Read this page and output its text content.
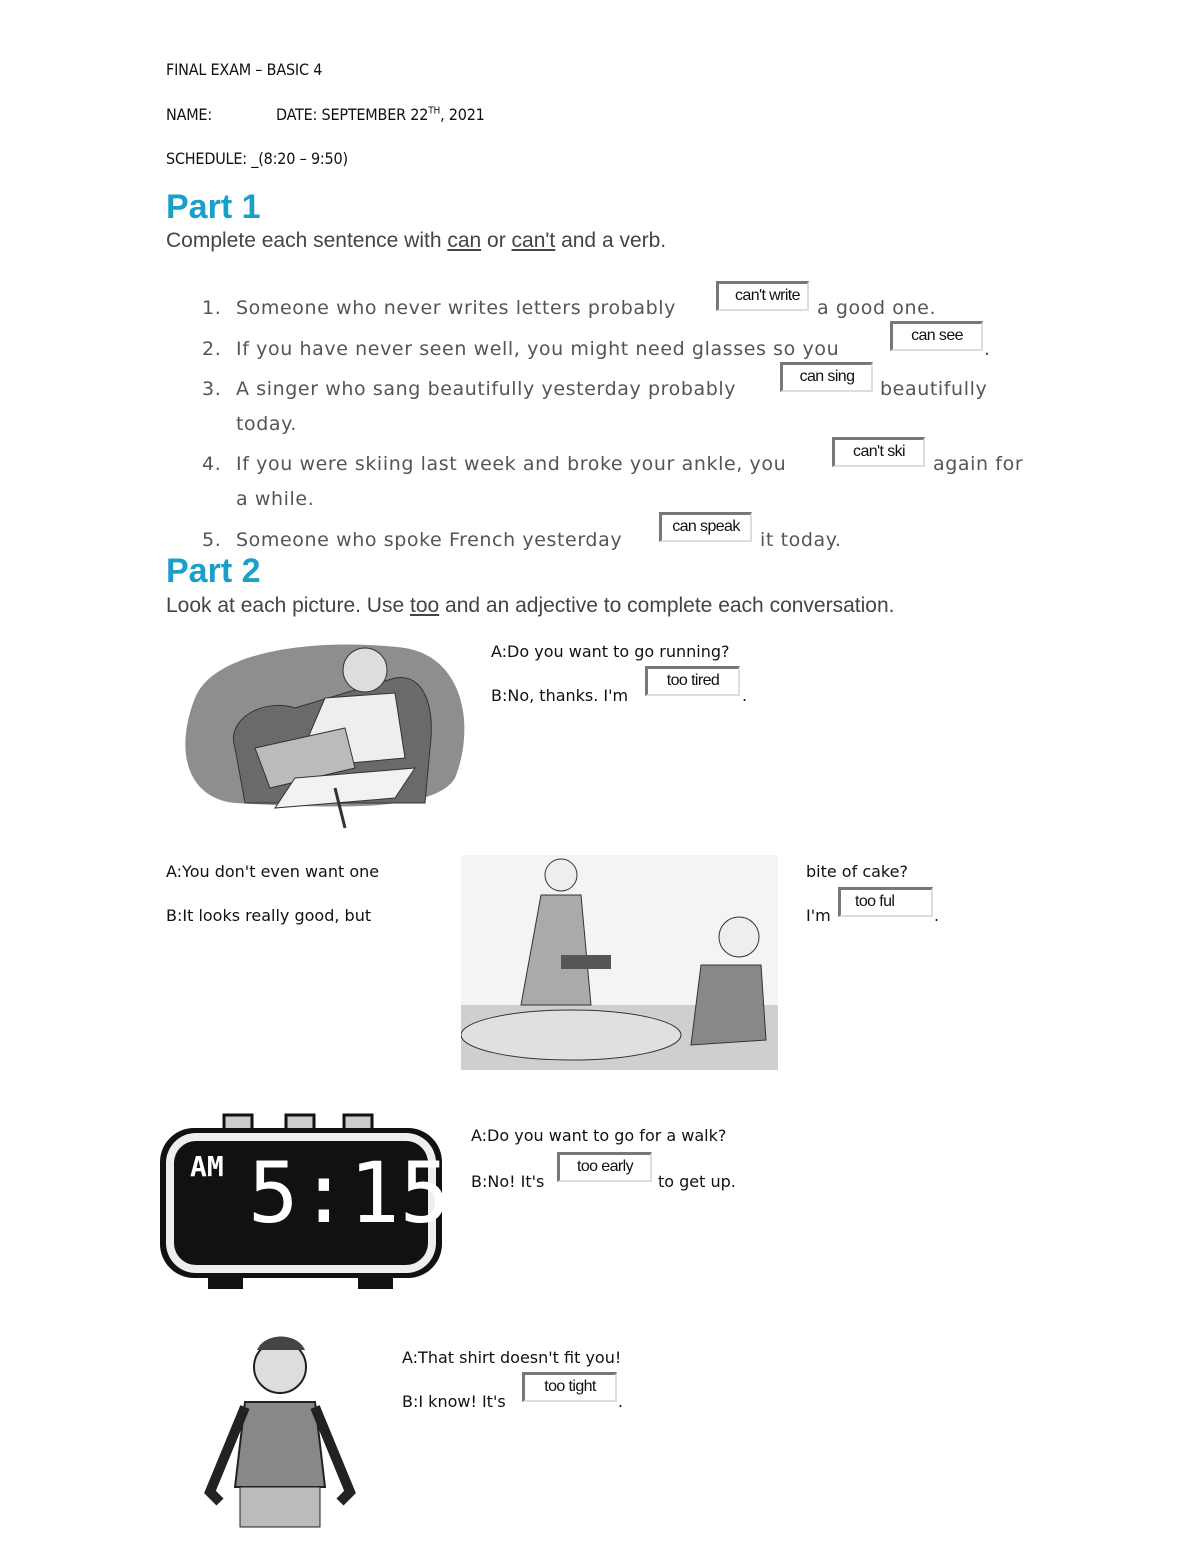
FINAL EXAM – BASIC 4
NAME:	DATE: SEPTEMBER 22TH, 2021
SCHEDULE: _(8:20 – 9:50)
Part 1
Complete each sentence with can or can't and a verb.
1. Someone who never writes letters probably
can't write
a good one.
2. If you have never seen well, you might need glasses so you
can see
.
3. A singer who sang beautifully yesterday probably
can sing
beautifully
today.
4. If you were skiing last week and broke your ankle, you
can't ski
again for
a while.
5. Someone who spoke French yesterday
can speak
it today.
Part 2
Look at each picture. Use too and an adjective to complete each conversation.
A:Do you want to go running?
B:No, thanks. I'm
too tired
.
A:You don't even want one
B:It looks really good, but
bite of cake?
I'm
too ful
.
AM 5:15
A:Do you want to go for a walk?
B:No! It's
too early
to get up.
A:That shirt doesn't fit you!
B:I know! It's
too tight
.
